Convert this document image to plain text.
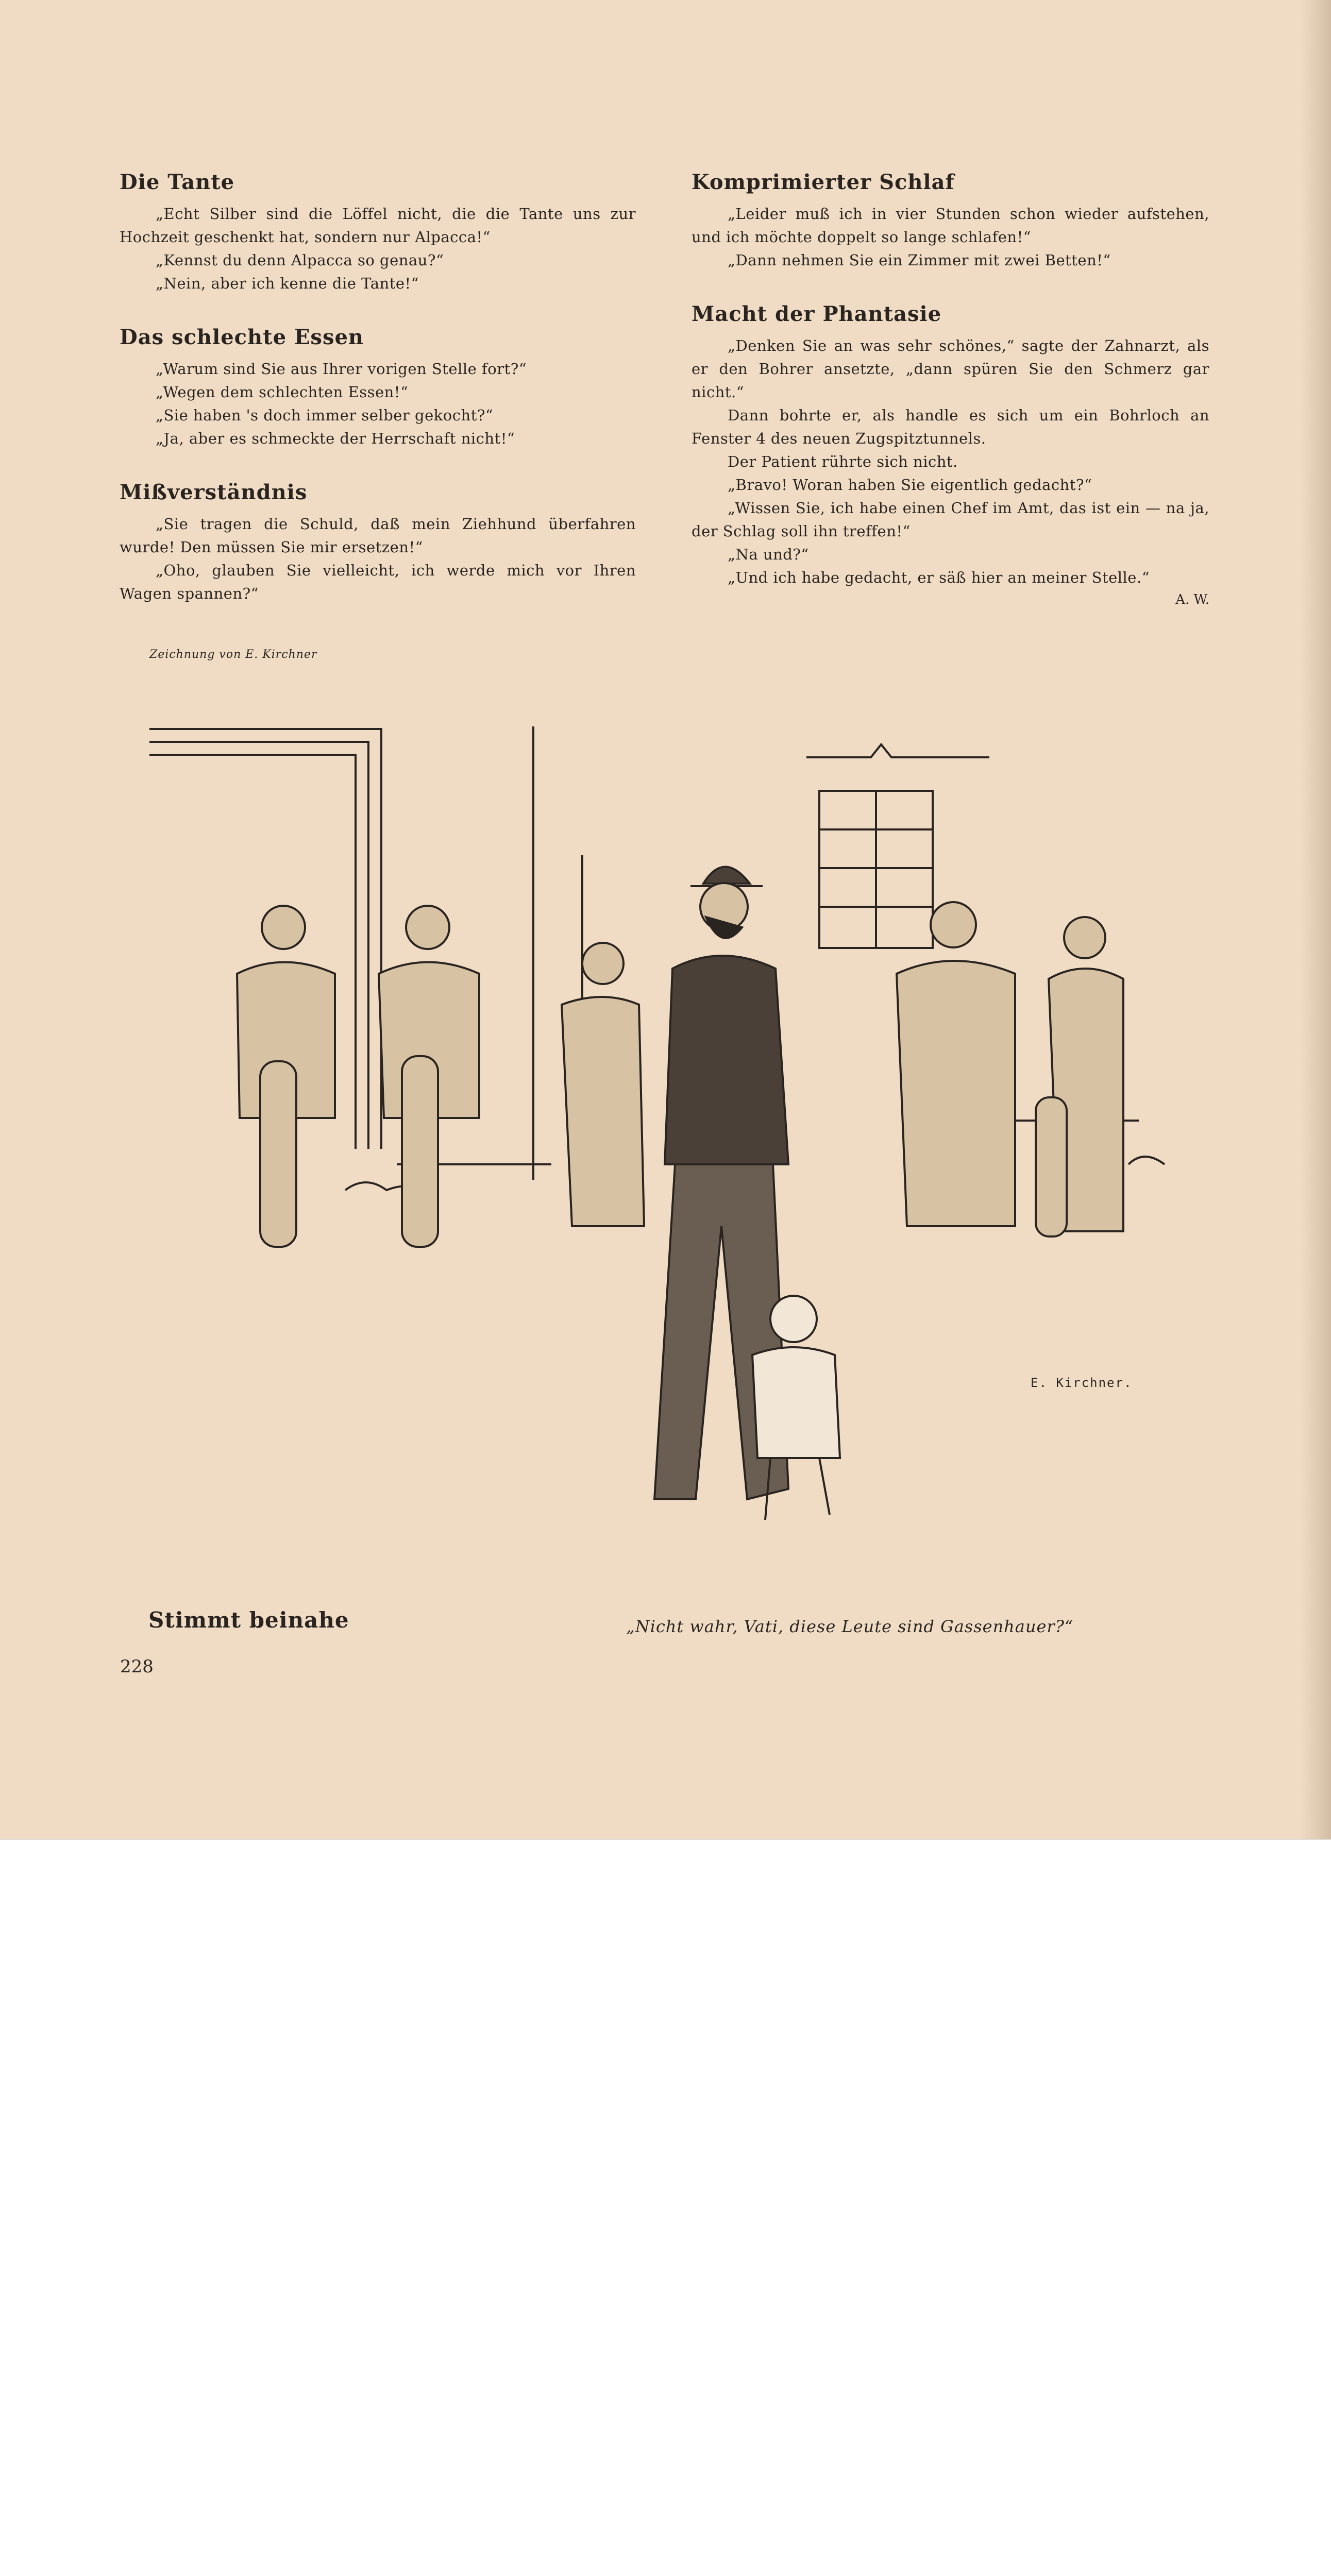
Die Tante

„Echt Silber sind die Löffel nicht, die die Tante uns zur Hochzeit geschenkt hat, sondern nur Alpacca!“

„Kennst du denn Alpacca so genau?“

„Nein, aber ich kenne die Tante!“

Das schlechte Essen

„Warum sind Sie aus Ihrer vorigen Stelle fort?“

„Wegen dem schlechten Essen!“

„Sie haben 's doch immer selber gekocht?“

„Ja, aber es schmeckte der Herrschaft nicht!“

Mißverständnis

„Sie tragen die Schuld, daß mein Ziehhund überfahren wurde! Den müssen Sie mir ersetzen!“

„Oho, glauben Sie vielleicht, ich werde mich vor Ihren Wagen spannen?“

Komprimierter Schlaf

„Leider muß ich in vier Stunden schon wieder aufstehen, und ich möchte doppelt so lange schlafen!“

„Dann nehmen Sie ein Zimmer mit zwei Betten!“

Macht der Phantasie

„Denken Sie an was sehr schönes,“ sagte der Zahnarzt, als er den Bohrer ansetzte, „dann spüren Sie den Schmerz gar nicht.“

Dann bohrte er, als handle es sich um ein Bohrloch an Fenster 4 des neuen Zugspitztunnels.

Der Patient rührte sich nicht.

„Bravo! Woran haben Sie eigentlich gedacht?“

„Wissen Sie, ich habe einen Chef im Amt, das ist ein — na ja, der Schlag soll ihn treffen!“

„Na und?“

„Und ich habe gedacht, er säß hier an meiner Stelle.“

A. W.

Zeichnung von E. Kirchner
E. Kirchner.
Stimmt beinahe	„Nicht wahr, Vati, diese Leute sind Gassenhauer?“
228
